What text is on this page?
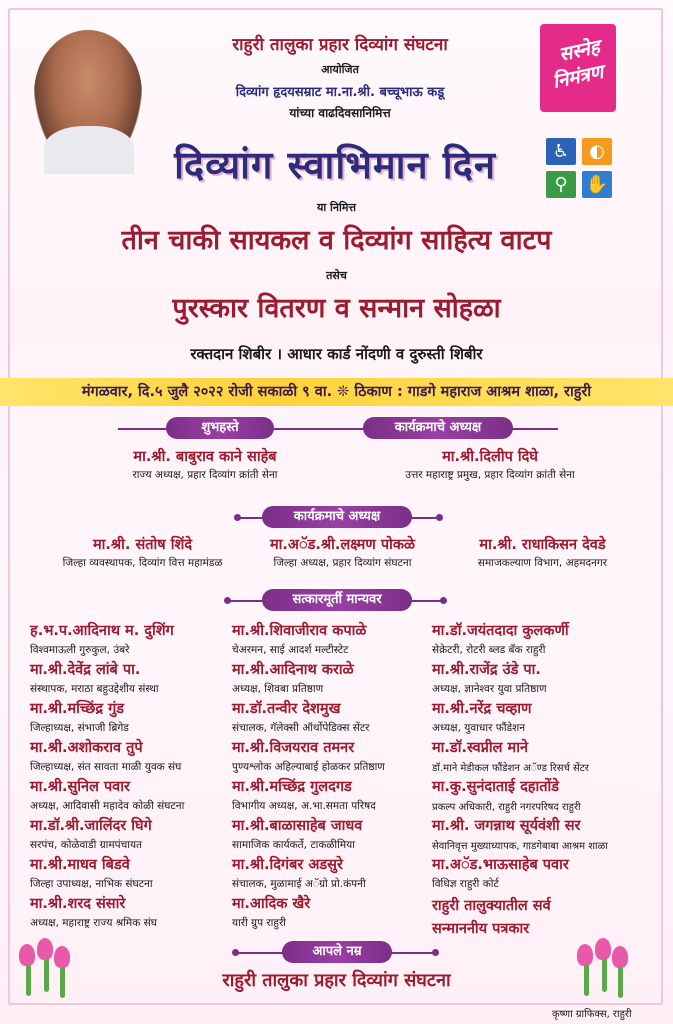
सस्नेह
निमंत्रण
♿	◐
⚲	✋
राहुरी तालुका प्रहार दिव्यांग संघटना
आयोजित
दिव्यांग हृदयसम्राट मा.ना.श्री. बच्चूभाऊ कडू
यांच्या वाढदिवसानिमित्त
दिव्यांग स्वाभिमान दिन
या निमित्त
तीन चाकी सायकल व दिव्यांग साहित्य वाटप
तसेच
पुरस्कार वितरण व सन्मान सोहळा
रक्तदान शिबीर । आधार कार्ड नोंदणी व दुरुस्ती शिबीर
मंगळवार, दि.५ जुलै २०२२ रोजी सकाळी ९ वा. ❊ ठिकाण : गाडगे महाराज आश्रम शाळा, राहुरी
शुभहस्ते	कार्यक्रमाचे अध्यक्ष
मा.श्री. बाबुराव काने साहेब
राज्य अध्यक्ष, प्रहार दिव्यांग क्रांती सेना
मा.श्री.दिलीप दिघे
उत्तर महाराष्ट्र प्रमुख, प्रहार दिव्यांग क्रांती सेना
कार्यक्रमाचे अध्यक्ष
मा.श्री. संतोष शिंदे
जिल्हा व्यवस्थापक, दिव्यांग वित्त महामंडळ
मा.अॅड.श्री.लक्ष्मण पोकळे
जिल्हा अध्यक्ष, प्रहार दिव्यांग संघटना
मा.श्री. राधाकिसन देवडे
समाजकल्याण विभाग, अहमदनगर
सत्कारमूर्ती मान्यवर
ह.भ.प.आदिनाथ म. दुशिंग
विश्वमाऊली गुरुकुल, उंबरे
मा.श्री.देवेंद्र लांबे पा.
संस्थापक, मराठा बहुउद्देशीय संस्था
मा.श्री.मच्छिंद्र गुंड
जिल्हाध्यक्ष, संभाजी ब्रिगेड
मा.श्री.अशोकराव तुपे
जिल्हाध्यक्ष, संत सावता माळी युवक संघ
मा.श्री.सुनिल पवार
अध्यक्ष, आदिवासी महादेव कोळी संघटना
मा.डॉ.श्री.जालिंदर घिगे
सरपंच, कोळेवाडी ग्रामपंचायत
मा.श्री.माधव बिडवे
जिल्हा उपाध्यक्ष, नाभिक संघटना
मा.श्री.शरद संसारे
अध्यक्ष, महाराष्ट्र राज्य श्रमिक संघ
मा.श्री.शिवाजीराव कपाळे
चेअरमन, साई आदर्श मल्टीस्टेट
मा.श्री.आदिनाथ कराळे
अध्यक्ष, शिवबा प्रतिष्ठाण
मा.डॉ.तन्वीर देशमुख
संचालक, गॅलेक्सी ऑर्थोपेडिक्स सेंटर
मा.श्री.विजयराव तमनर
पुण्यश्लोक अहिल्याबाई होळकर प्रतिष्ठाण
मा.श्री.मच्छिंद्र गुलदगड
विभागीय अध्यक्ष, अ.भा.समता परिषद
मा.श्री.बाळासाहेब जाधव
सामाजिक कार्यकर्ते, टाकळीमिया
मा.श्री.दिगंबर अडसुरे
संचालक, मुळामाई अॅग्रो प्रो.कंपनी
मा.आदिक खैरे
यारी ग्रुप राहुरी
मा.डॉ.जयंतदादा कुलकर्णी
सेक्रेटरी, रोटरी ब्लड बँक राहुरी
मा.श्री.राजेंद्र उंडे पा.
अध्यक्ष, ज्ञानेश्वर युवा प्रतिष्ठाण
मा.श्री.नरेंद्र चव्हाण
अध्यक्ष, युवाधार फौंडेशन
मा.डॉ.स्वप्नील माने
डॉ.माने मेडीकल फौंडेशन अॅण्ड रिसर्च सेंटर
मा.कु.सुनंदाताई दहातोंडे
प्रकल्प अधिकारी, राहुरी नगरपरिषद राहुरी
मा.श्री. जगन्नाथ सूर्यवंशी सर
सेवानिवृत्त मुख्याध्यापक, गाडगेबाबा आश्रम शाळा
मा.अॅड.भाऊसाहेब पवार
विधिज्ञ राहुरी कोर्ट
राहुरी तालुक्यातील सर्व
सन्माननीय पत्रकार
आपले नम्र
राहुरी तालुका प्रहार दिव्यांग संघटना
कृष्णा ग्राफिक्स, राहुरी
